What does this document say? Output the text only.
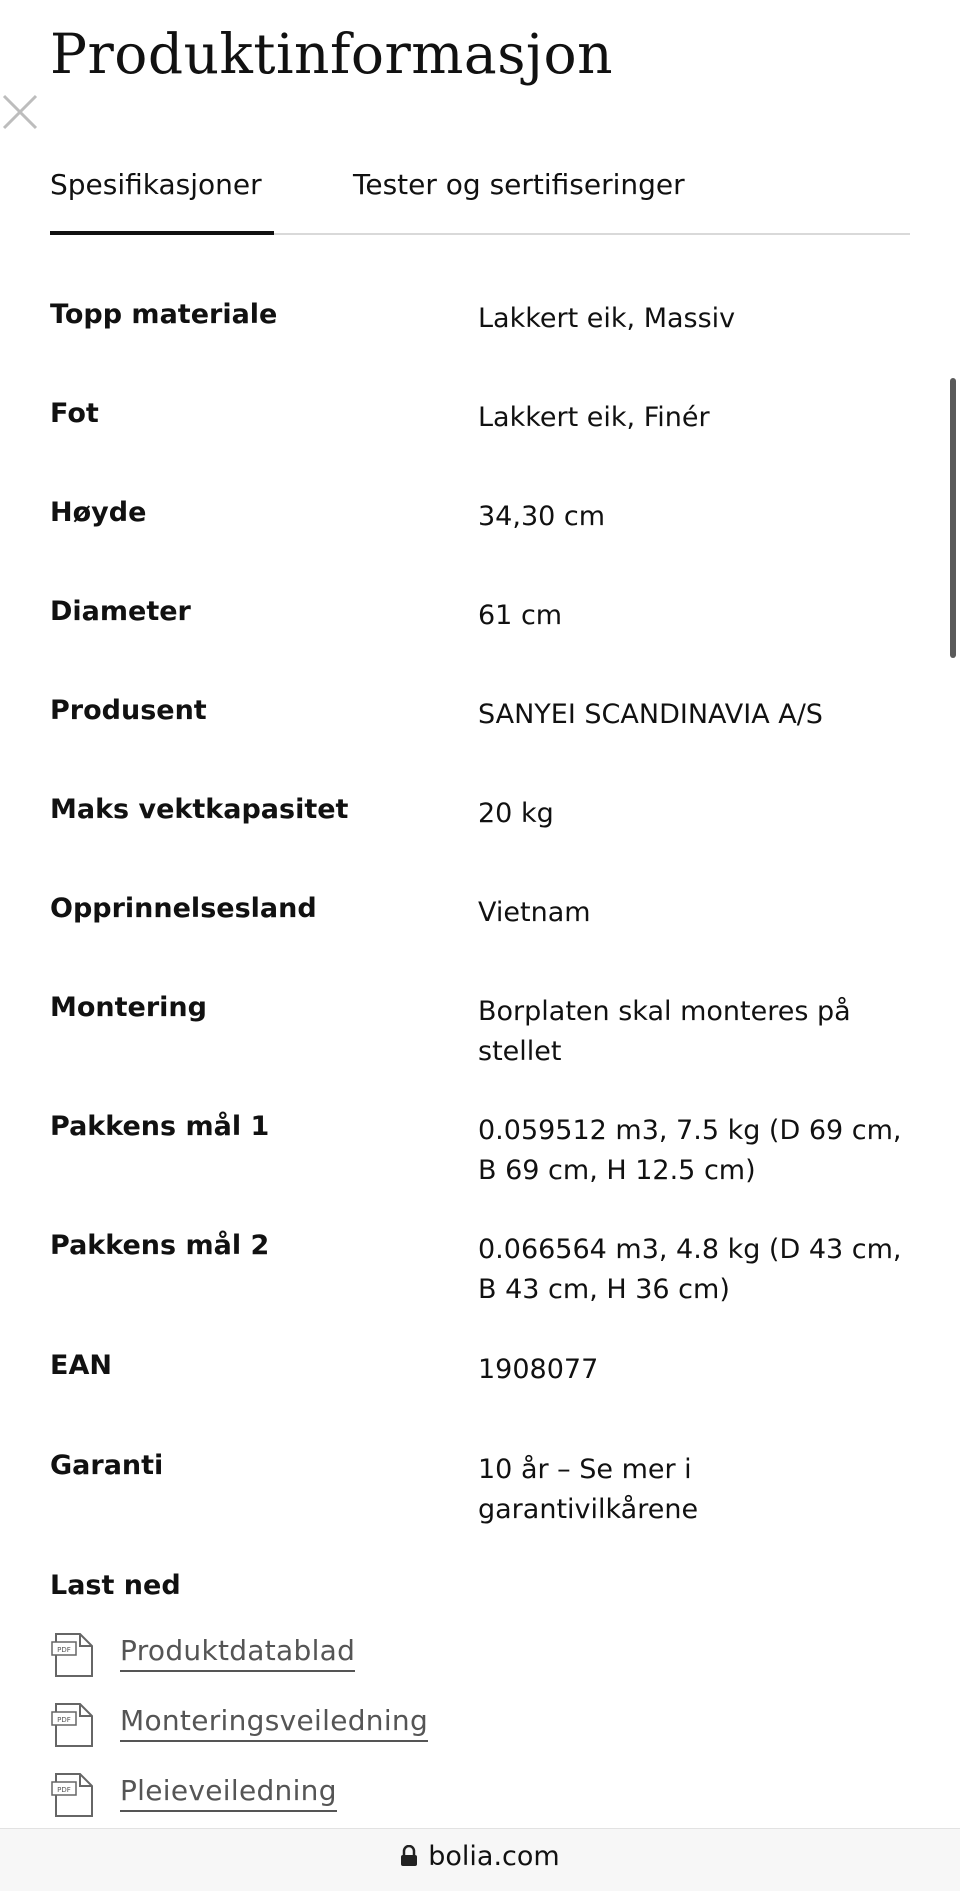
Produktinformasjon
Spesifikasjoner	Tester og sertifiseringer
Topp materiale	Lakkert eik, Massiv
Fot	Lakkert eik, Finér
Høyde	34,30 cm
Diameter	61 cm
Produsent	SANYEI SCANDINAVIA A/S
Maks vektkapasitet	20 kg
Opprinnelsesland	Vietnam
Montering	Borplaten skal monteres på stellet
Pakkens mål 1	0.059512 m3, 7.5 kg (D 69 cm, B 69 cm, H 12.5 cm)
Pakkens mål 2	0.066564 m3, 4.8 kg (D 43 cm, B 43 cm, H 36 cm)
EAN	1908077
Garanti	10 år – Se mer i garantivilkårene
Last ned
PDF Produktdatablad
PDF Monteringsveiledning
PDF Pleieveiledning
bolia.com
